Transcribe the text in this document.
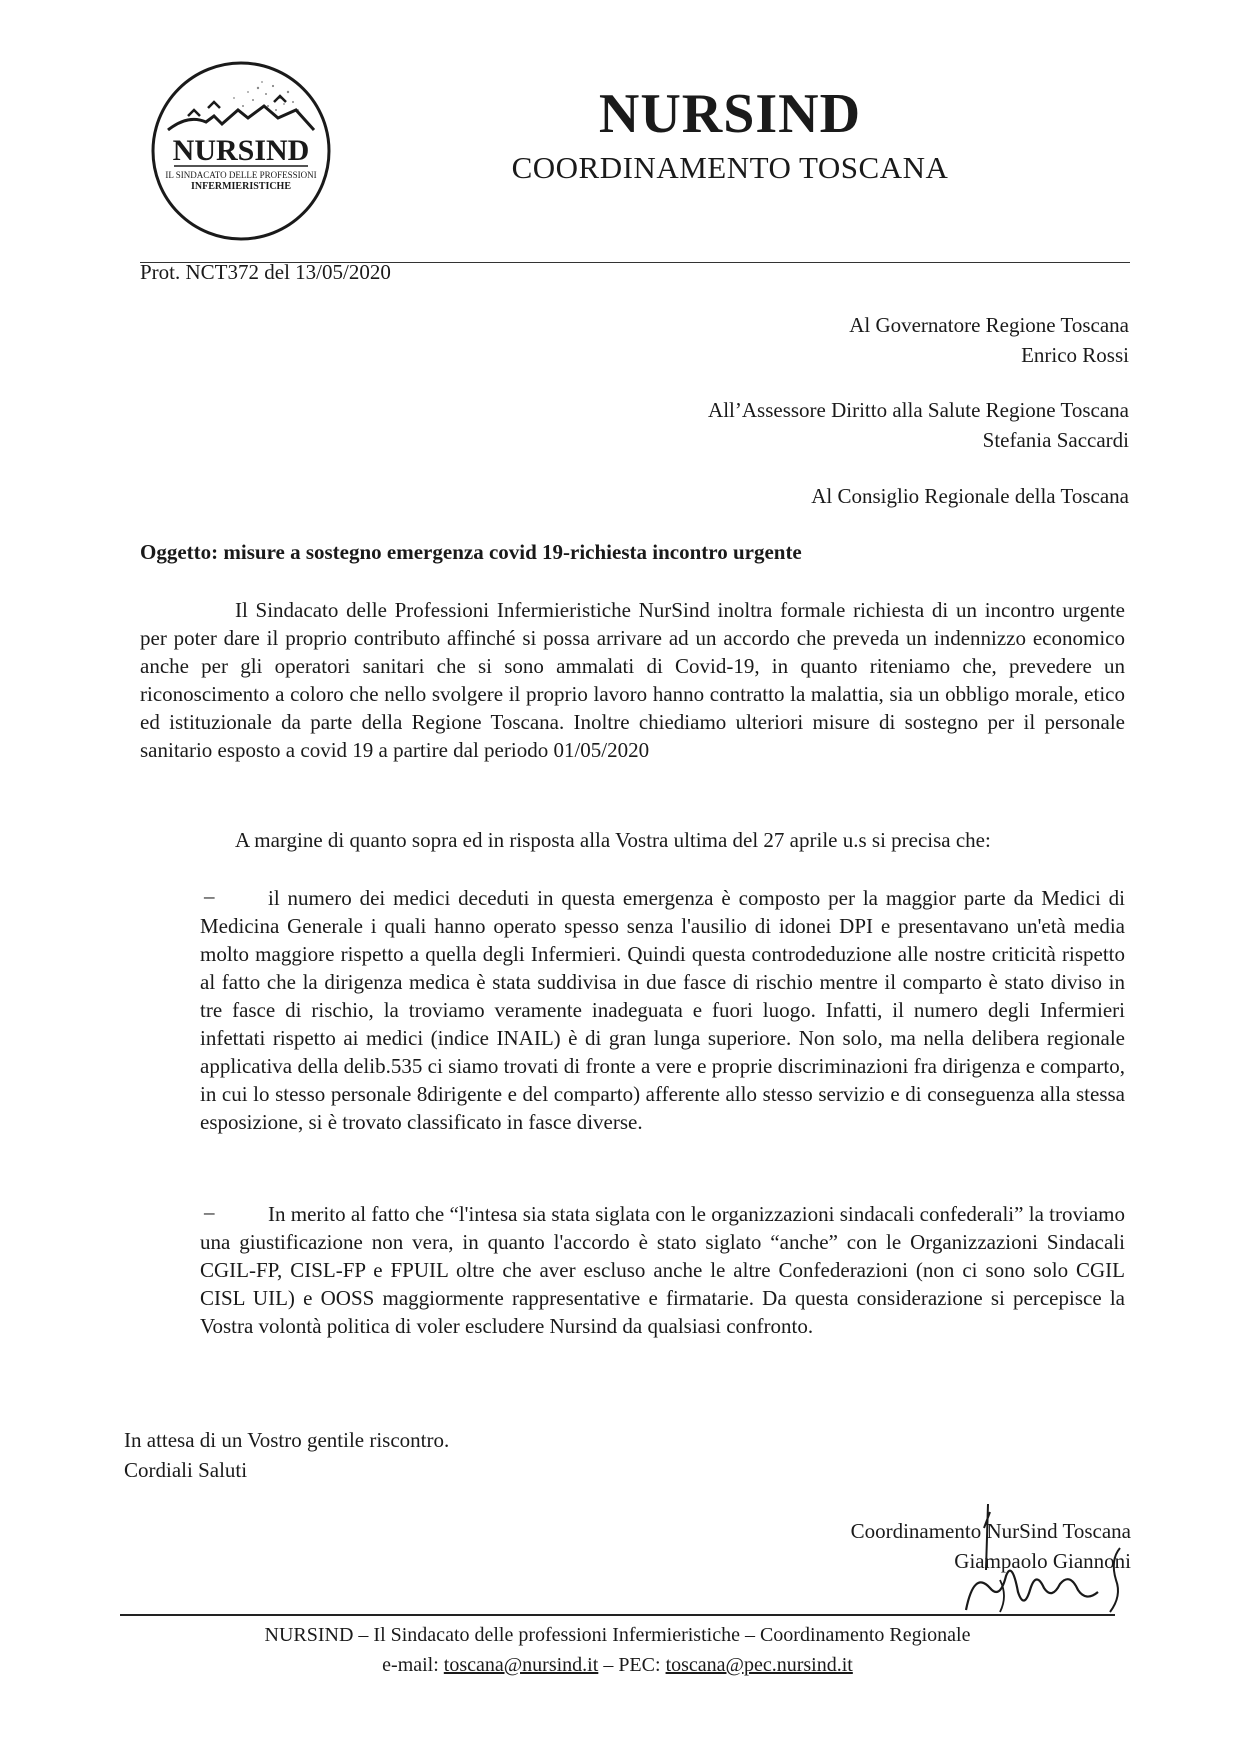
NURSIND
IL SINDACATO DELLE PROFESSIONI
INFERMIERISTICHE
NURSIND
COORDINAMENTO TOSCANA
Prot. NCT372 del 13/05/2020
Al Governatore Regione Toscana
Enrico Rossi
All’Assessore Diritto alla Salute Regione Toscana
Stefania Saccardi
Al Consiglio Regionale della Toscana
Oggetto: misure a sostegno emergenza covid 19-richiesta incontro urgente

Il Sindacato delle Professioni Infermieristiche NurSind inoltra formale richiesta di un incontro urgente per poter dare il proprio contributo affinché si possa arrivare ad un accordo che preveda un indennizzo economico anche per gli operatori sanitari che si sono ammalati di Covid-19, in quanto riteniamo che, prevedere un riconoscimento a coloro che nello svolgere il proprio lavoro hanno contratto la malattia, sia un obbligo morale, etico ed istituzionale da parte della Regione Toscana. Inoltre chiediamo ulteriori misure di sostegno per il personale sanitario esposto a covid 19 a partire dal periodo 01/05/2020

A margine di quanto sopra ed in risposta alla Vostra ultima del 27 aprile u.s si precisa che:

–	il numero dei medici deceduti in questa emergenza è composto per la maggior parte da Medici di Medicina Generale i quali hanno operato spesso senza l'ausilio di idonei DPI e presentavano un'età media molto maggiore rispetto a quella degli Infermieri. Quindi questa controdeduzione alle nostre criticità rispetto al fatto che la dirigenza medica è stata suddivisa in due fasce di rischio mentre il comparto è stato diviso in tre fasce di rischio, la troviamo veramente inadeguata e fuori luogo. Infatti, il numero degli Infermieri infettati rispetto ai medici (indice INAIL) è di gran lunga superiore. Non solo, ma nella delibera regionale applicativa della delib.535 ci siamo trovati di fronte a vere e proprie discriminazioni fra dirigenza e comparto, in cui lo stesso personale 8dirigente e del comparto) afferente allo stesso servizio e di conseguenza alla stessa esposizione, si è trovato classificato in fasce diverse.

–	In merito al fatto che “l'intesa sia stata siglata con le organizzazioni sindacali confederali” la troviamo una giustificazione non vera, in quanto l'accordo è stato siglato “anche” con le Organizzazioni Sindacali CGIL-FP, CISL-FP e FPUIL oltre che aver escluso anche le altre Confederazioni (non ci sono solo CGIL CISL UIL) e OOSS maggiormente rappresentative e firmatarie. Da questa considerazione si percepisce la Vostra volontà politica di voler escludere Nursind da qualsiasi confronto.

In attesa di un Vostro gentile riscontro.
Cordiali Saluti
Coordinamento NurSind Toscana
Giampaolo Giannoni
NURSIND – Il Sindacato delle professioni Infermieristiche – Coordinamento Regionale
e-mail: toscana@nursind.it – PEC: toscana@pec.nursind.it
